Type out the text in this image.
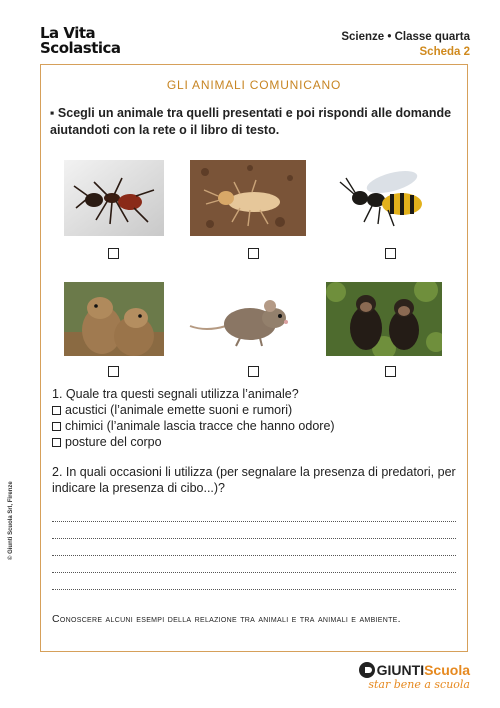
La Vita
Scolastica
Scienze • Classe quarta
Scheda 2
GLI ANIMALI COMUNICANO
▪ Scegli un animale tra quelli presentati e poi rispondi alle domande aiutandoti con la rete o il libro di testo.
1. Quale tra questi segnali utilizza l’animale?
acustici (l’animale emette suoni e rumori)
chimici (l’animale lascia tracce che hanno odore)
posture del corpo
2. In quali occasioni li utilizza (per segnalare la presenza di predatori, per indicare la presenza di cibo...)?
Conoscere alcuni esempi della relazione tra animali e tra animali e ambiente.
© Giunti Scuola Srl, Firenze
GIUNTI Scuola
star bene a scuola
